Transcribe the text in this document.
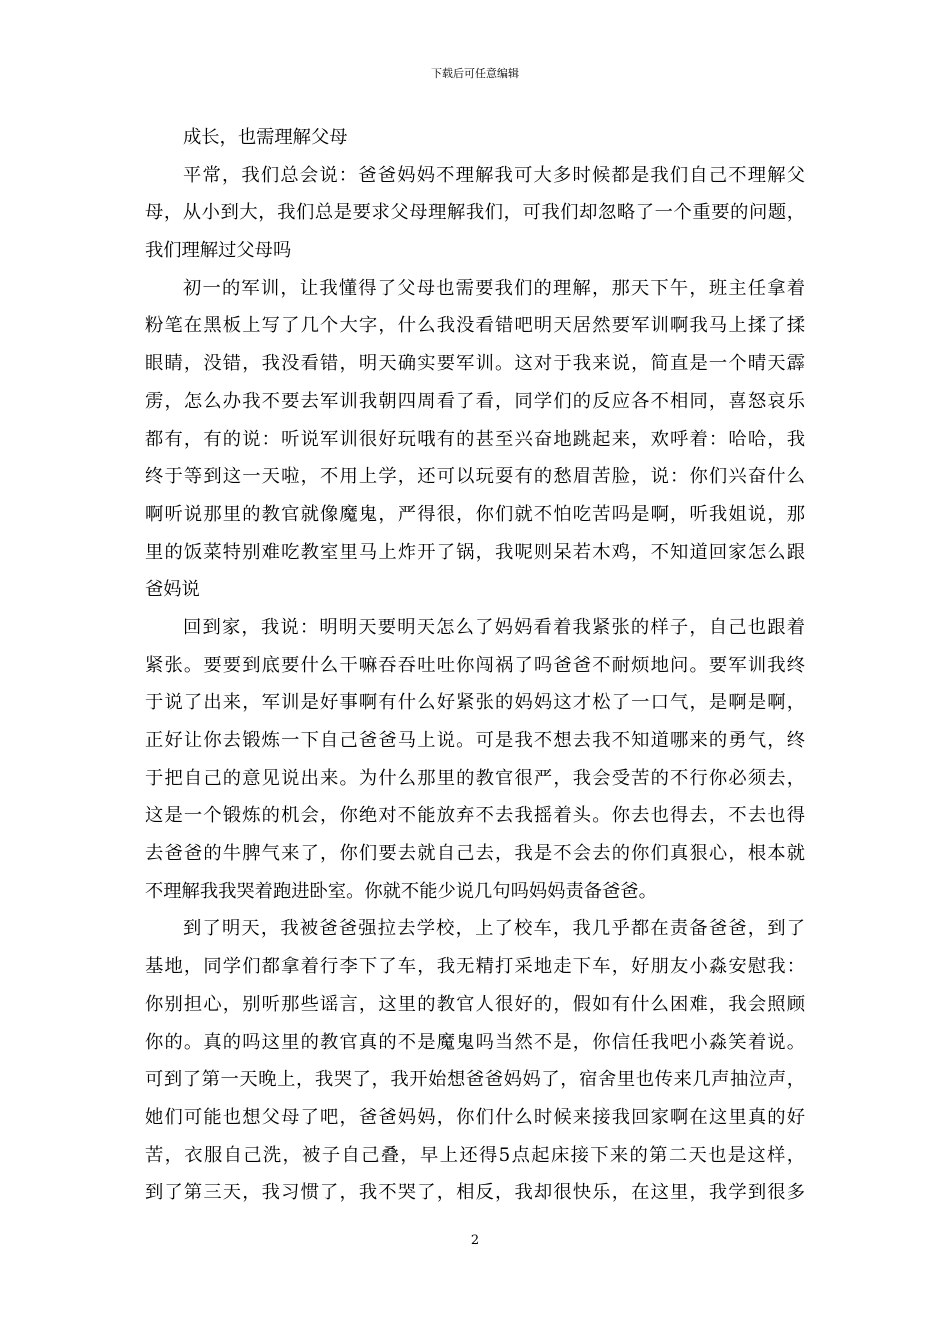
下载后可任意编辑
成长，也需理解父母
平常，我们总会说：爸爸妈妈不理解我可大多时候都是我们自己不理解父
母，从小到大，我们总是要求父母理解我们，可我们却忽略了一个重要的问题，
我们理解过父母吗
初一的军训，让我懂得了父母也需要我们的理解，那天下午，班主任拿着
粉笔在黑板上写了几个大字，什么我没看错吧明天居然要军训啊我马上揉了揉
眼睛，没错，我没看错，明天确实要军训。这对于我来说，简直是一个晴天霹
雳，怎么办我不要去军训我朝四周看了看，同学们的反应各不相同，喜怒哀乐
都有，有的说：听说军训很好玩哦有的甚至兴奋地跳起来，欢呼着：哈哈，我
终于等到这一天啦，不用上学，还可以玩耍有的愁眉苦脸，说：你们兴奋什么
啊听说那里的教官就像魔鬼，严得很，你们就不怕吃苦吗是啊，听我姐说，那
里的饭菜特别难吃教室里马上炸开了锅，我呢则呆若木鸡，不知道回家怎么跟
爸妈说
回到家，我说：明明天要明天怎么了妈妈看着我紧张的样子，自己也跟着
紧张。要要到底要什么干嘛吞吞吐吐你闯祸了吗爸爸不耐烦地问。要军训我终
于说了出来，军训是好事啊有什么好紧张的妈妈这才松了一口气，是啊是啊，
正好让你去锻炼一下自己爸爸马上说。可是我不想去我不知道哪来的勇气，终
于把自己的意见说出来。为什么那里的教官很严，我会受苦的不行你必须去，
这是一个锻炼的机会，你绝对不能放弃不去我摇着头。你去也得去，不去也得
去爸爸的牛脾气来了，你们要去就自己去，我是不会去的你们真狠心，根本就
不理解我我哭着跑进卧室。你就不能少说几句吗妈妈责备爸爸。
到了明天，我被爸爸强拉去学校，上了校车，我几乎都在责备爸爸，到了
基地，同学们都拿着行李下了车，我无精打采地走下车，好朋友小淼安慰我：
你别担心，别听那些谣言，这里的教官人很好的，假如有什么困难，我会照顾
你的。真的吗这里的教官真的不是魔鬼吗当然不是，你信任我吧小淼笑着说。
可到了第一天晚上，我哭了，我开始想爸爸妈妈了，宿舍里也传来几声抽泣声，
她们可能也想父母了吧，爸爸妈妈，你们什么时候来接我回家啊在这里真的好
苦，衣服自己洗，被子自己叠，早上还得5点起床接下来的第二天也是这样，
到了第三天，我习惯了，我不哭了，相反，我却很快乐，在这里，我学到很多
2
